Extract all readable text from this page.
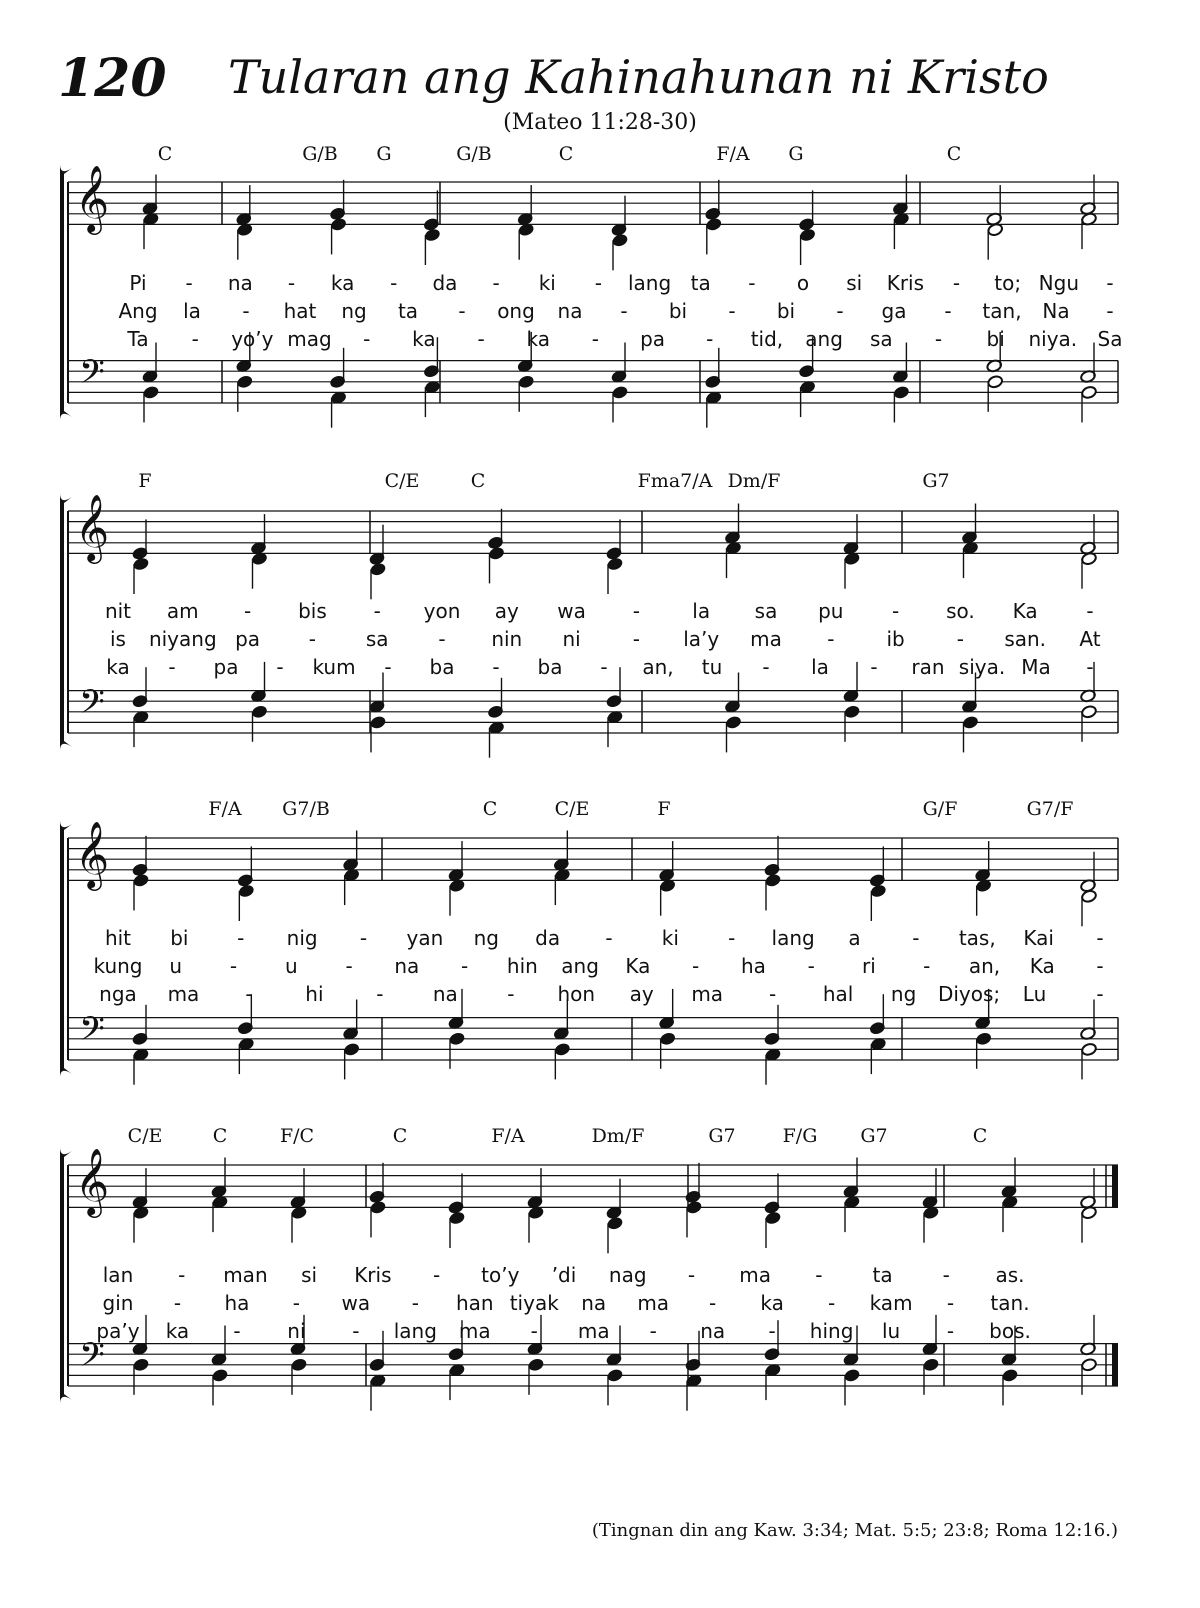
120 Tularan ang Kahinahunan ni Kristo
(Mateo 11:28-30)
𝄞
𝄢
C	G/B G	G/B	C	F/A G	C
Pi - na - ka - da - ki - lang ta - o si Kris - to; Ngu -
Ang la - hat ng ta - ong na - bi - bi - ga - tan, Na -
Ta - yo’y mag - ka - ka - pa - tid, ang sa - bi niya. Sa
𝄞
𝄢
F	C/E	C	Fma7/A Dm/F	G7
nit am - bis - yon ay wa -	la sa pu - so. Ka -
is niyang pa - sa - nin ni	- la’y ma -	ib	- san. At
ka - pa - kum - ba - ba - an, tu - la - ran siya. Ma -
𝄞
𝄢
F/A G7/B	C	C/E	F	G/F	G7/F
hit bi - nig - yan ng da - ki - lang a	- tas, Kai -
kung u - u - na - hin ang Ka - ha - ri - an, Ka -
nga ma -	hi	- na - hon ay ma - hal ng Diyos; Lu	-
𝄞
𝄢
C/E	C	F/C	C	F/A	Dm/F	G7 F/G G7	C
lan - man si Kris - to’y ’di nag - ma -	ta	- as.
gin - ha - wa - han tiyak na ma - ka - kam - tan.
pa’y ka - ni - lang ma - ma - na - hing lu - bos.
(Tingnan din ang Kaw. 3:34; Mat. 5:5; 23:8; Roma 12:16.)
